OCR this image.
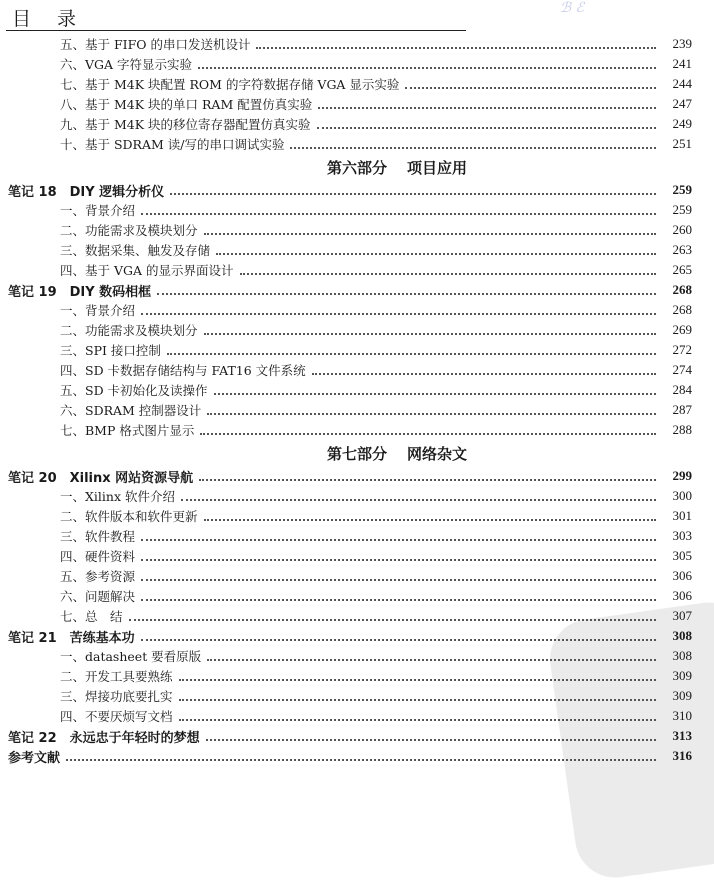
目 录	ℬ ℰ
五、基于 FIFO 的串口发送机设计	239
六、VGA 字符显示实验	241
七、基于 M4K 块配置 ROM 的字符数据存储 VGA 显示实验	244
八、基于 M4K 块的单口 RAM 配置仿真实验	247
九、基于 M4K 块的移位寄存器配置仿真实验	249
十、基于 SDRAM 读/写的串口调试实验	251
第六部分 项目应用
笔记 18　DIY 逻辑分析仪	259
一、背景介绍	259
二、功能需求及模块划分	260
三、数据采集、触发及存储	263
四、基于 VGA 的显示界面设计	265
笔记 19　DIY 数码相框	268
一、背景介绍	268
二、功能需求及模块划分	269
三、SPI 接口控制	272
四、SD 卡数据存储结构与 FAT16 文件系统	274
五、SD 卡初始化及读操作	284
六、SDRAM 控制器设计	287
七、BMP 格式图片显示	288
第七部分 网络杂文
笔记 20　Xilinx 网站资源导航	299
一、Xilinx 软件介绍	300
二、软件版本和软件更新	301
三、软件教程	303
四、硬件资料	305
五、参考资源	306
六、问题解决	306
七、总　结	307
笔记 21　苦练基本功	308
一、datasheet 要看原版	308
二、开发工具要熟练	309
三、焊接功底要扎实	309
四、不要厌烦写文档	310
笔记 22　永远忠于年轻时的梦想	313
参考文献	316
